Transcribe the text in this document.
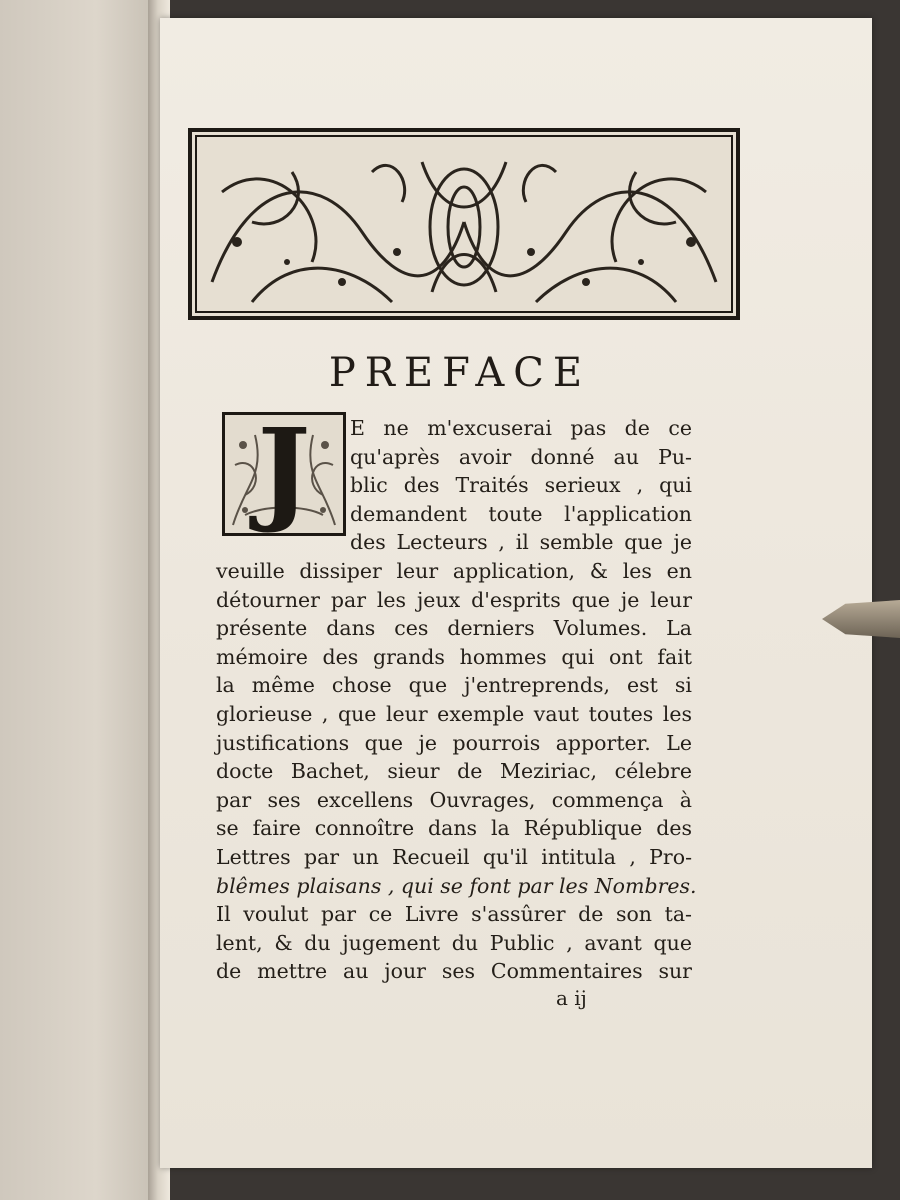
PREFACE
J	E ne m'excuserai pas de ce
qu'après avoir donné au Pu-
blic des Traités serieux , qui
demandent toute l'application
des Lecteurs , il semble que je
veuille dissiper leur application, & les en
détourner par les jeux d'esprits que je leur
présente dans ces derniers Volumes. La
mémoire des grands hommes qui ont fait
la même chose que j'entreprends, est si
glorieuse , que leur exemple vaut toutes les
justifications que je pourrois apporter. Le
docte Bachet, sieur de Meziriac, célebre
par ses excellens Ouvrages, commença à
se faire connoître dans la République des
Lettres par un Recueil qu'il intitula , Pro-
blêmes plaisans , qui se font par les Nombres.
Il voulut par ce Livre s'assûrer de son ta-
lent, & du jugement du Public , avant que
de mettre au jour ses Commentaires sur
a ij
